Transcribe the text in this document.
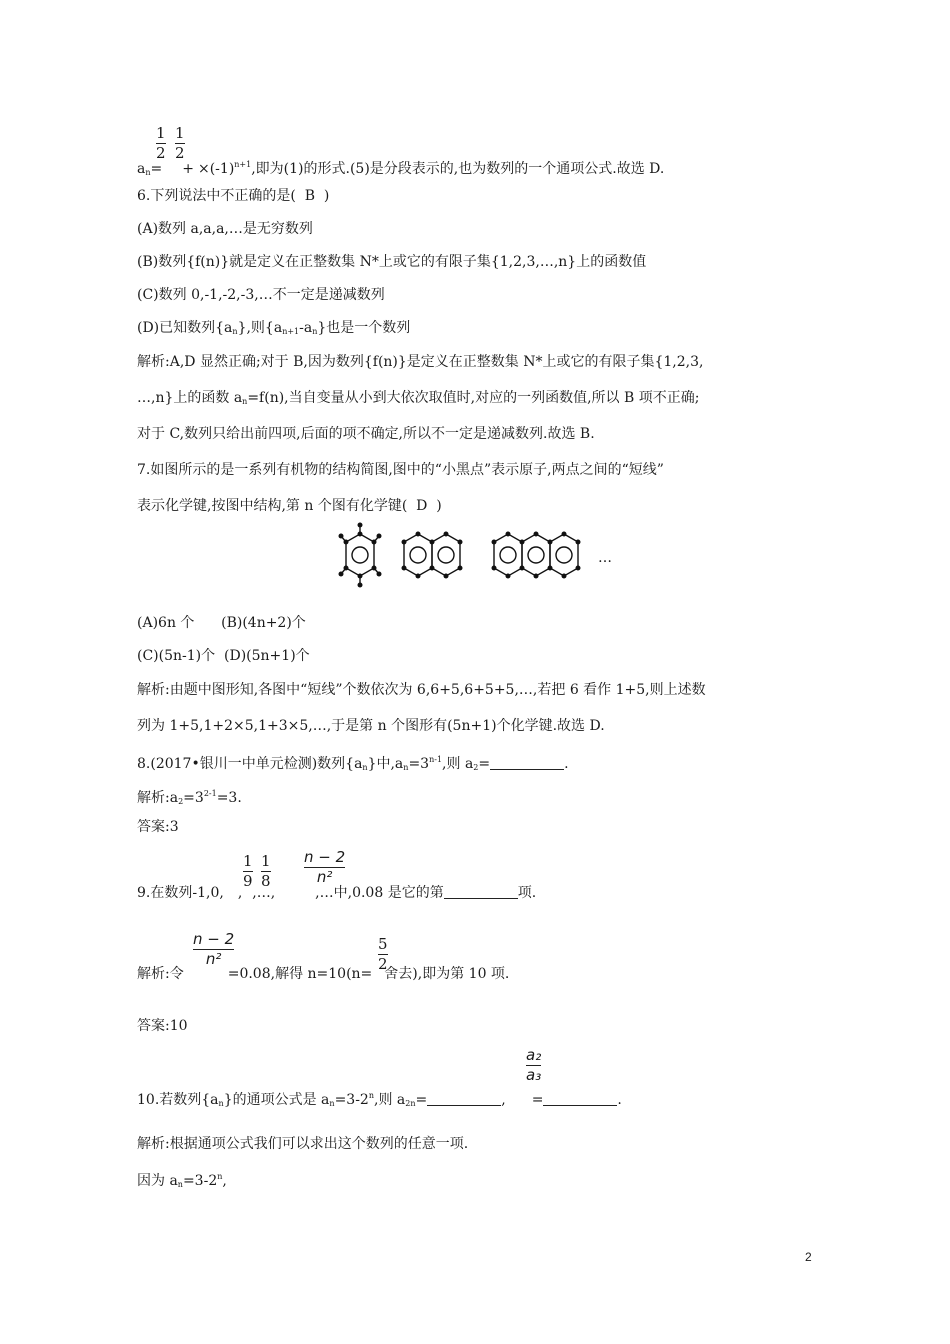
1
2
1
2
$a_n= + \times(-1)^{n+1}$,即为(1)的形式.(5)是分段表示的,也为数列的一个通项公式.故选 D.
6.下列说法中不正确的是(  B  )
(A)数列 a,a,a,…是无穷数列
(B)数列{f(n)}就是定义在正整数集 N*上或它的有限子集{1,2,3,…,n}上的函数值
(C)数列 0,-1,-2,-3,…不一定是递减数列
(D)已知数列$\{a_n\}$,则$\{a_{n+1}-a_n\}$也是一个数列
解析:A,D 显然正确;对于 B,因为数列{f(n)}是定义在正整数集 N*上或它的有限子集{1,2,3,
…,n}上的函数 $a_n=f(n)$,当自变量从小到大依次取值时,对应的一列函数值,所以 B 项不正确;
对于 C,数列只给出前四项,后面的项不确定,所以不一定是递减数列.故选 B.
7.如图所示的是一系列有机物的结构简图,图中的“小黑点”表示原子,两点之间的“短线”
表示化学键,按图中结构,第 n 个图有化学键(  D  )
…
(A)6n 个      (B)(4n+2)个
(C)(5n-1)个  (D)(5n+1)个
解析:由题中图形知,各图中“短线”个数依次为 6,6+5,6+5+5,…,若把 6 看作 1+5,则上述数
列为 1+5,1+2×5,1+3×5,…,于是第 n 个图形有(5n+1)个化学键.故选 D.
8.(2017•银川一中单元检测)数列$\{a_n\}$中$,a_n=3^{n-1}$,则 $a_2=$	.
解析$:a_2=3^{2-1}=3$.
答案:3
1
9
1
8
n − 2
n²
9.在数列-1,0, , ,…,	,…中,0.08 是它的第	项.
n − 2
n²
5
2
解析:令	=0.08,解得 n=10(n= 舍去),即为第 10 项.
答案:10
a₂
a₃
10.若数列$\{a_n\}$的通项公式是 $a_n=3-2^n$,则 $a_{2n}=$	, =	.
解析:根据通项公式我们可以求出这个数列的任意一项.
因为 $a_n=3-2^n$,
2
